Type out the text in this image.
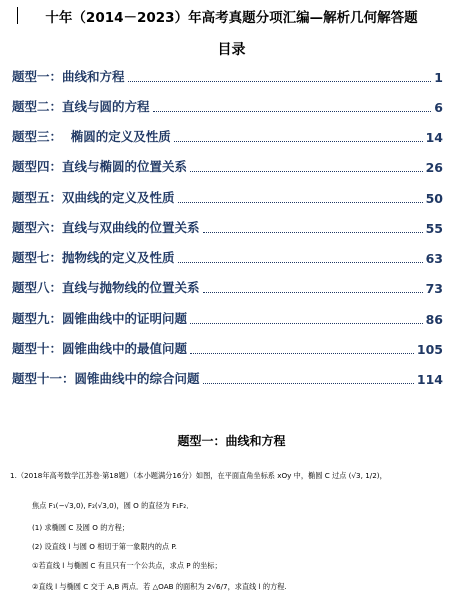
十年（2014－2023）年高考真题分项汇编—解析几何解答题
目录
题型一：曲线和方程	1
题型二：直线与圆的方程	6
题型三：  椭圆的定义及性质	14
题型四：直线与椭圆的位置关系	26
题型五：双曲线的定义及性质	50
题型六：直线与双曲线的位置关系	55
题型七：抛物线的定义及性质	63
题型八：直线与抛物线的位置关系	73
题型九：圆锥曲线中的证明问题	86
题型十：圆锥曲线中的最值问题	105
题型十一：圆锥曲线中的综合问题	114
题型一：曲线和方程
1.（2018年高考数学江苏卷·第18题）（本小题满分16分）如图，在平面直角坐标系 xOy 中，椭圆 C 过点 (√3, 1/2)，
焦点 F₁(−√3,0), F₂(√3,0)，圆 O 的直径为 F₁F₂．
(1) 求椭圆 C 及圆 O 的方程；
(2) 设直线 l 与圆 O 相切于第一象限内的点 P.
①若直线 l 与椭圆 C 有且只有一个公共点，求点 P 的坐标；
②直线 l 与椭圆 C 交于 A,B 两点．若 △OAB 的面积为 2√6/7，求直线 l 的方程.
